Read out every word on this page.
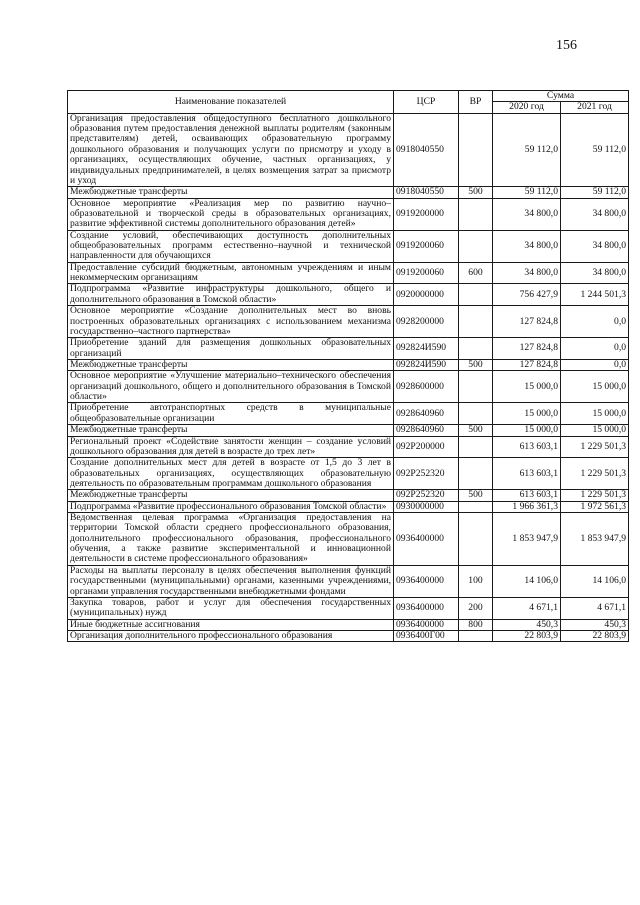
156
Наименование показателей	ЦСР	ВР	Сумма	
			2020 год	2021 год
Организация предоставления общедоступного бесплатного дошкольного образования путем предоставления денежной выплаты родителям (законным представителям) детей, осваивающих образовательную программу дошкольного образования и получающих услуги по присмотру и уходу в организациях, осуществляющих обучение, частных организациях, у индивидуальных предпринимателей, в целях возмещения затрат за присмотр и уход	0918040550		59 112,0	59 112,0
Межбюджетные трансферты	0918040550	500	59 112,0	59 112,0
Основное мероприятие «Реализация мер по развитию научно–образовательной и творческой среды в образовательных организациях, развитие эффективной системы дополнительного образования детей»	0919200000		34 800,0	34 800,0
Создание условий, обеспечивающих доступность дополнительных общеобразовательных программ естественно–научной и технической направленности для обучающихся	0919200060		34 800,0	34 800,0
Предоставление субсидий бюджетным, автономным учреждениям и иным некоммерческим организациям	0919200060	600	34 800,0	34 800,0
Подпрограмма «Развитие инфраструктуры дошкольного, общего и дополнительного образования в Томской области»	0920000000		756 427,9	1 244 501,3
Основное мероприятие «Создание дополнительных мест во вновь построенных образовательных организациях с использованием механизма государственно–частного партнерства»	0928200000		127 824,8	0,0
Приобретение зданий для размещения дошкольных образовательных организаций	092824И590		127 824,8	0,0
Межбюджетные трансферты	092824И590	500	127 824,8	0,0
Основное мероприятие «Улучшение материально–технического обеспечения организаций дошкольного, общего и дополнительного образования в Томской области»	0928600000		15 000,0	15 000,0
Приобретение автотранспортных средств в муниципальные общеобразовательные организации	0928640960		15 000,0	15 000,0
Межбюджетные трансферты	0928640960	500	15 000,0	15 000,0
Региональный проект «Содействие занятости женщин – создание условий дошкольного образования для детей в возрасте до трех лет»	092P200000		613 603,1	1 229 501,3
Создание дополнительных мест для детей в возрасте от 1,5 до 3 лет в образовательных организациях, осуществляющих образовательную деятельность по образовательным программам дошкольного образования	092P252320		613 603,1	1 229 501,3
Межбюджетные трансферты	092P252320	500	613 603,1	1 229 501,3
Подпрограмма «Развитие профессионального образования Томской области»	0930000000		1 966 361,3	1 972 561,3
Ведомственная целевая программа «Организация предоставления на территории Томской области среднего профессионального образования, дополнительного профессионального образования, профессионального обучения, а также развитие экспериментальной и инновационной деятельности в системе профессионального образования»	0936400000		1 853 947,9	1 853 947,9
Расходы на выплаты персоналу в целях обеспечения выполнения функций государственными (муниципальными) органами, казенными учреждениями, органами управления государственными внебюджетными фондами	0936400000	100	14 106,0	14 106,0
Закупка товаров, работ и услуг для обеспечения государственных (муниципальных) нужд	0936400000	200	4 671,1	4 671,1
Иные бюджетные ассигнования	0936400000	800	450,3	450,3
Организация дополнительного профессионального образования	0936400Г00		22 803,9	22 803,9
